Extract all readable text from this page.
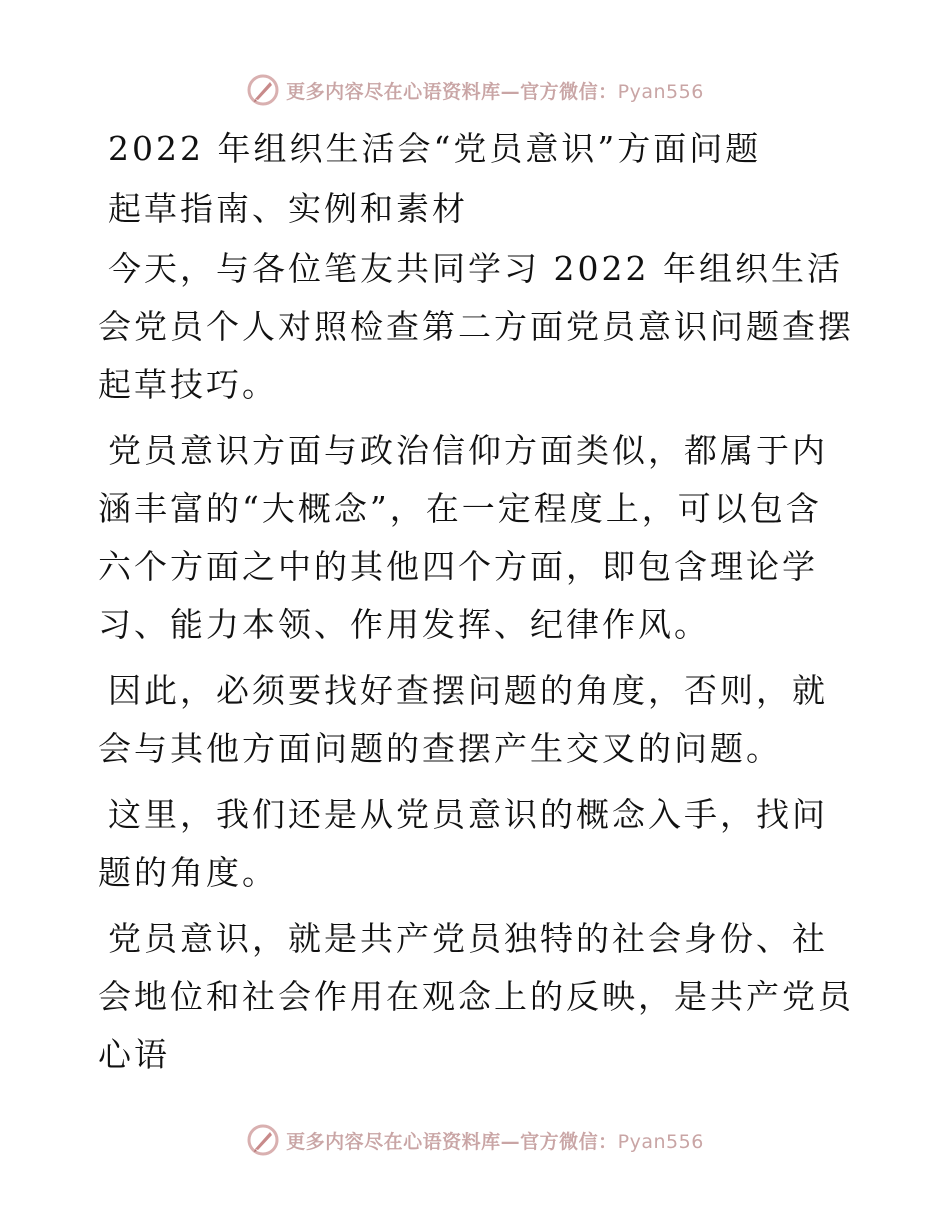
更多内容尽在心语资料库—官方微信：Pyan556

2022 年组织生活会“党员意识”方面问题

起草指南、实例和素材

今天，与各位笔友共同学习 2022 年组织生活会党员个人对照检查第二方面党员意识问题查摆起草技巧。

党员意识方面与政治信仰方面类似，都属于内涵丰富的“大概念”，在一定程度上，可以包含六个方面之中的其他四个方面，即包含理论学习、能力本领、作用发挥、纪律作风。

因此，必须要找好查摆问题的角度，否则，就会与其他方面问题的查摆产生交叉的问题。

这里，我们还是从党员意识的概念入手，找问题的角度。

党员意识，就是共产党员独特的社会身份、社会地位和社会作用在观念上的反映，是共产党员心语

更多内容尽在心语资料库—官方微信：Pyan556
